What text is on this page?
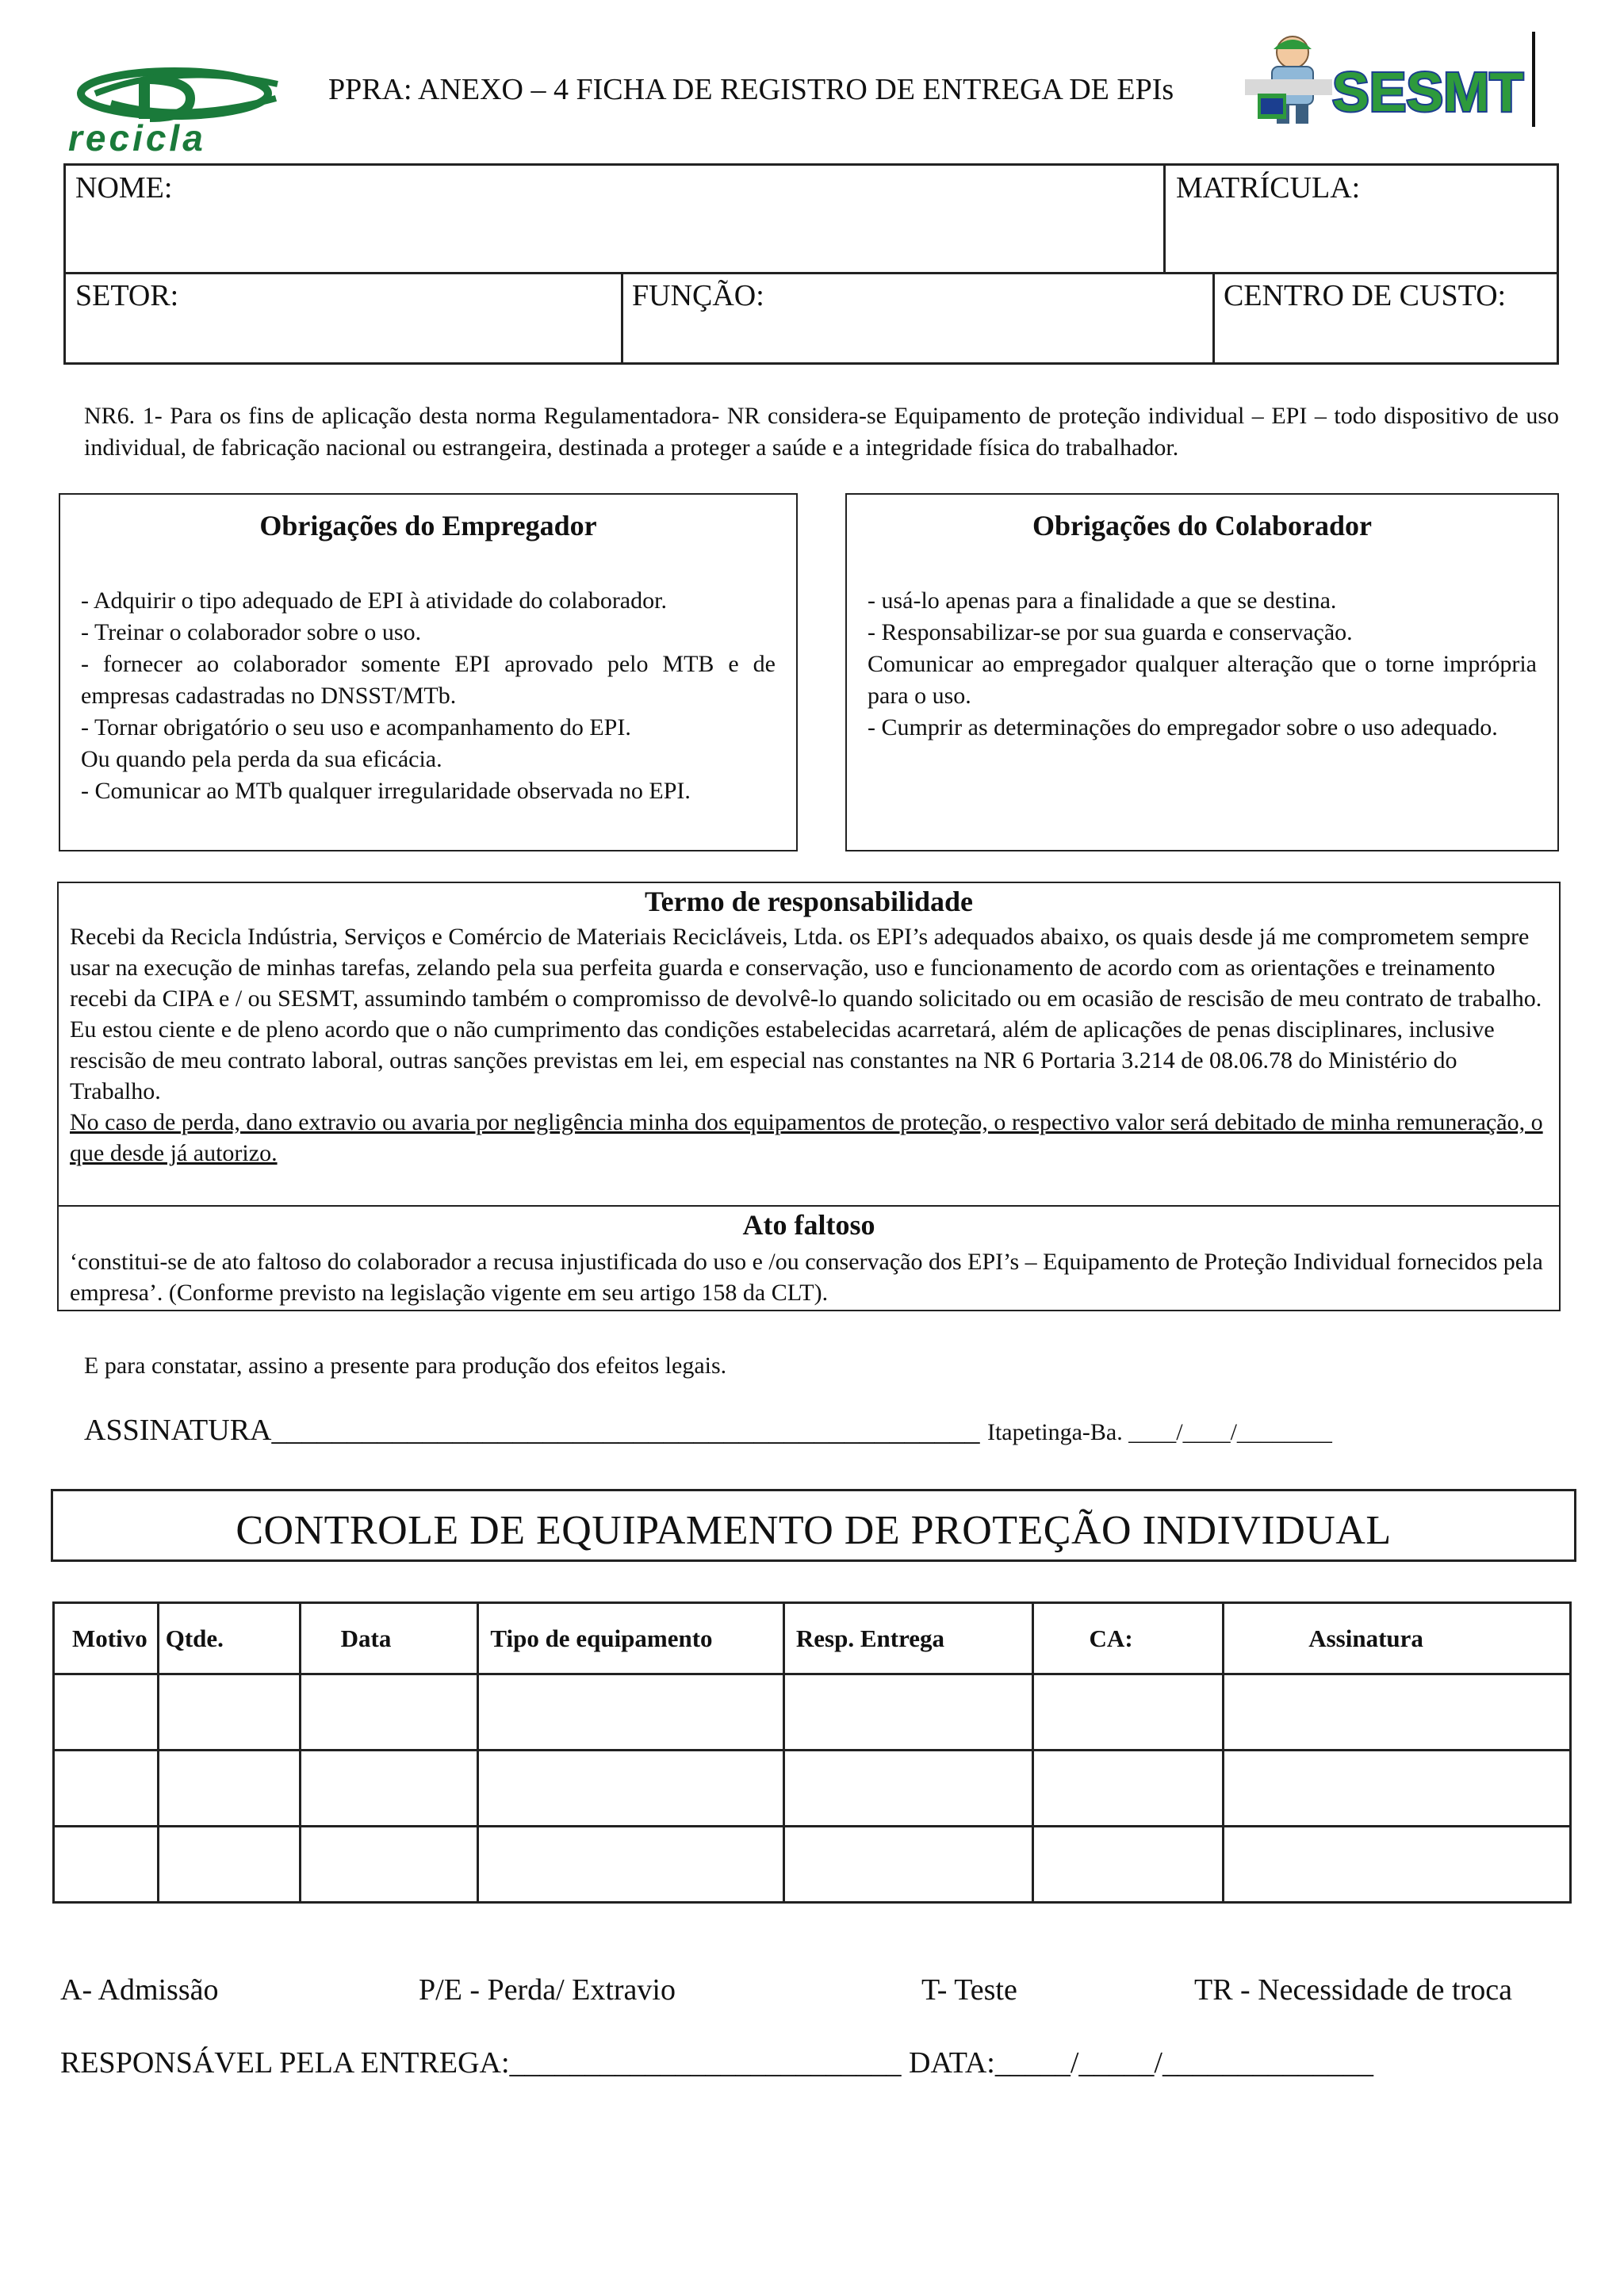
recicla
PPRA: ANEXO – 4 FICHA DE REGISTRO DE ENTREGA DE EPIs	SESMT
NOME:	MATRÍCULA:
SETOR:	FUNÇÃO:	CENTRO DE CUSTO:
NR6. 1- Para os fins de aplicação desta norma Regulamentadora- NR considera-se Equipamento de proteção individual – EPI – todo dispositivo de uso individual, de fabricação nacional ou estrangeira, destinada a proteger a saúde e a integridade física do trabalhador.
Obrigações do Empregador
- Adquirir o tipo adequado de EPI à atividade do colaborador.
- Treinar o colaborador sobre o uso.
- fornecer ao colaborador somente EPI aprovado pelo MTB e de empresas cadastradas no DNSST/MTb.
- Tornar obrigatório o seu uso e acompanhamento do EPI.
Ou quando pela perda da sua eficácia.
- Comunicar ao MTb qualquer irregularidade observada no EPI.
Obrigações do Colaborador
- usá-lo apenas para a finalidade a que se destina.
- Responsabilizar-se por sua guarda e conservação.
Comunicar ao empregador qualquer alteração que o torne imprópria para o uso.
- Cumprir as determinações do empregador sobre o uso adequado.
Termo de responsabilidade

Recebi da Recicla Indústria, Serviços e Comércio de Materiais Recicláveis, Ltda. os EPI’s adequados abaixo, os quais desde já me comprometem sempre usar na execução de minhas tarefas, zelando pela sua perfeita guarda e conservação, uso e funcionamento de acordo com as orientações e treinamento recebi da CIPA e / ou SESMT, assumindo também o compromisso de devolvê-lo quando solicitado ou em ocasião de rescisão de meu contrato de trabalho.

Eu estou ciente e de pleno acordo que o não cumprimento das condições estabelecidas acarretará, além de aplicações de penas disciplinares, inclusive rescisão de meu contrato laboral, outras sanções previstas em lei, em especial nas constantes na NR 6 Portaria 3.214 de 08.06.78 do Ministério do Trabalho.

No caso de perda, dano extravio ou avaria por negligência minha dos equipamentos de proteção, o respectivo valor será debitado de minha remuneração, o que desde já autorizo.

Ato faltoso
‘constitui-se de ato faltoso do colaborador a recusa injustificada do uso e /ou conservação dos EPI’s – Equipamento de Proteção Individual fornecidos pela empresa’. (Conforme previsto na legislação vigente em seu artigo 158 da CLT).
E para constatar, assino a presente para produção dos efeitos legais.
ASSINATURA_______________________________________________ Itapetinga-Ba. ____/____/________
CONTROLE DE EQUIPAMENTO DE PROTEÇÃO INDIVIDUAL
Motivo	Qtde.	Data	Tipo de equipamento	Resp. Entrega	CA:	Assinatura

A- Admissão	P/E - Perda/ Extravio	T- Teste	TR - Necessidade de troca
RESPONSÁVEL PELA ENTREGA:__________________________ DATA:_____/_____/______________
